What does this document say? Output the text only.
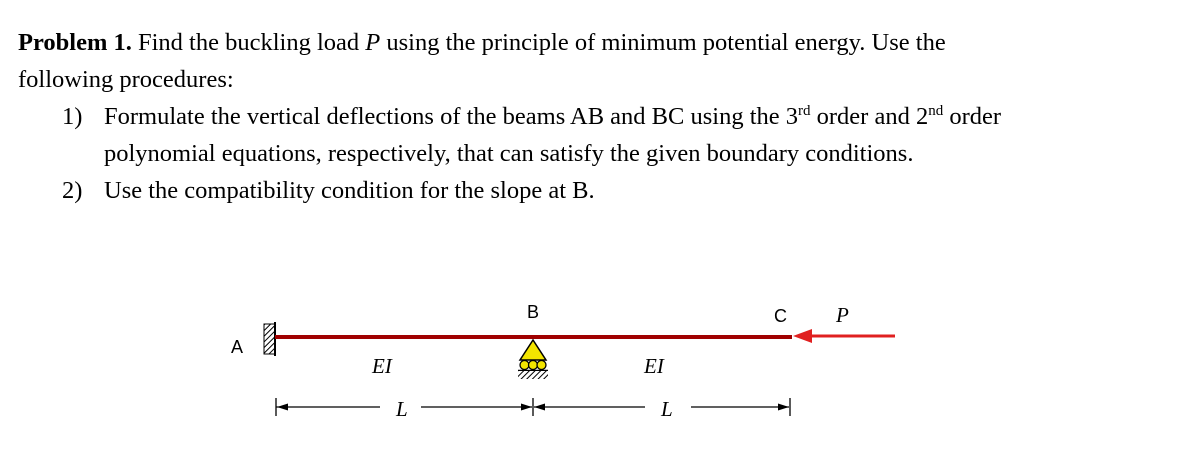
Problem 1. Find the buckling load P using the principle of minimum potential energy. Use the
following procedures:
1) Formulate the vertical deflections of the beams AB and BC using the 3rd order and 2nd order
polynomial equations, respectively, that can satisfy the given boundary conditions.
2) Use the compatibility condition for the slope at B.
A
B	C P
EI	EI
L	L
